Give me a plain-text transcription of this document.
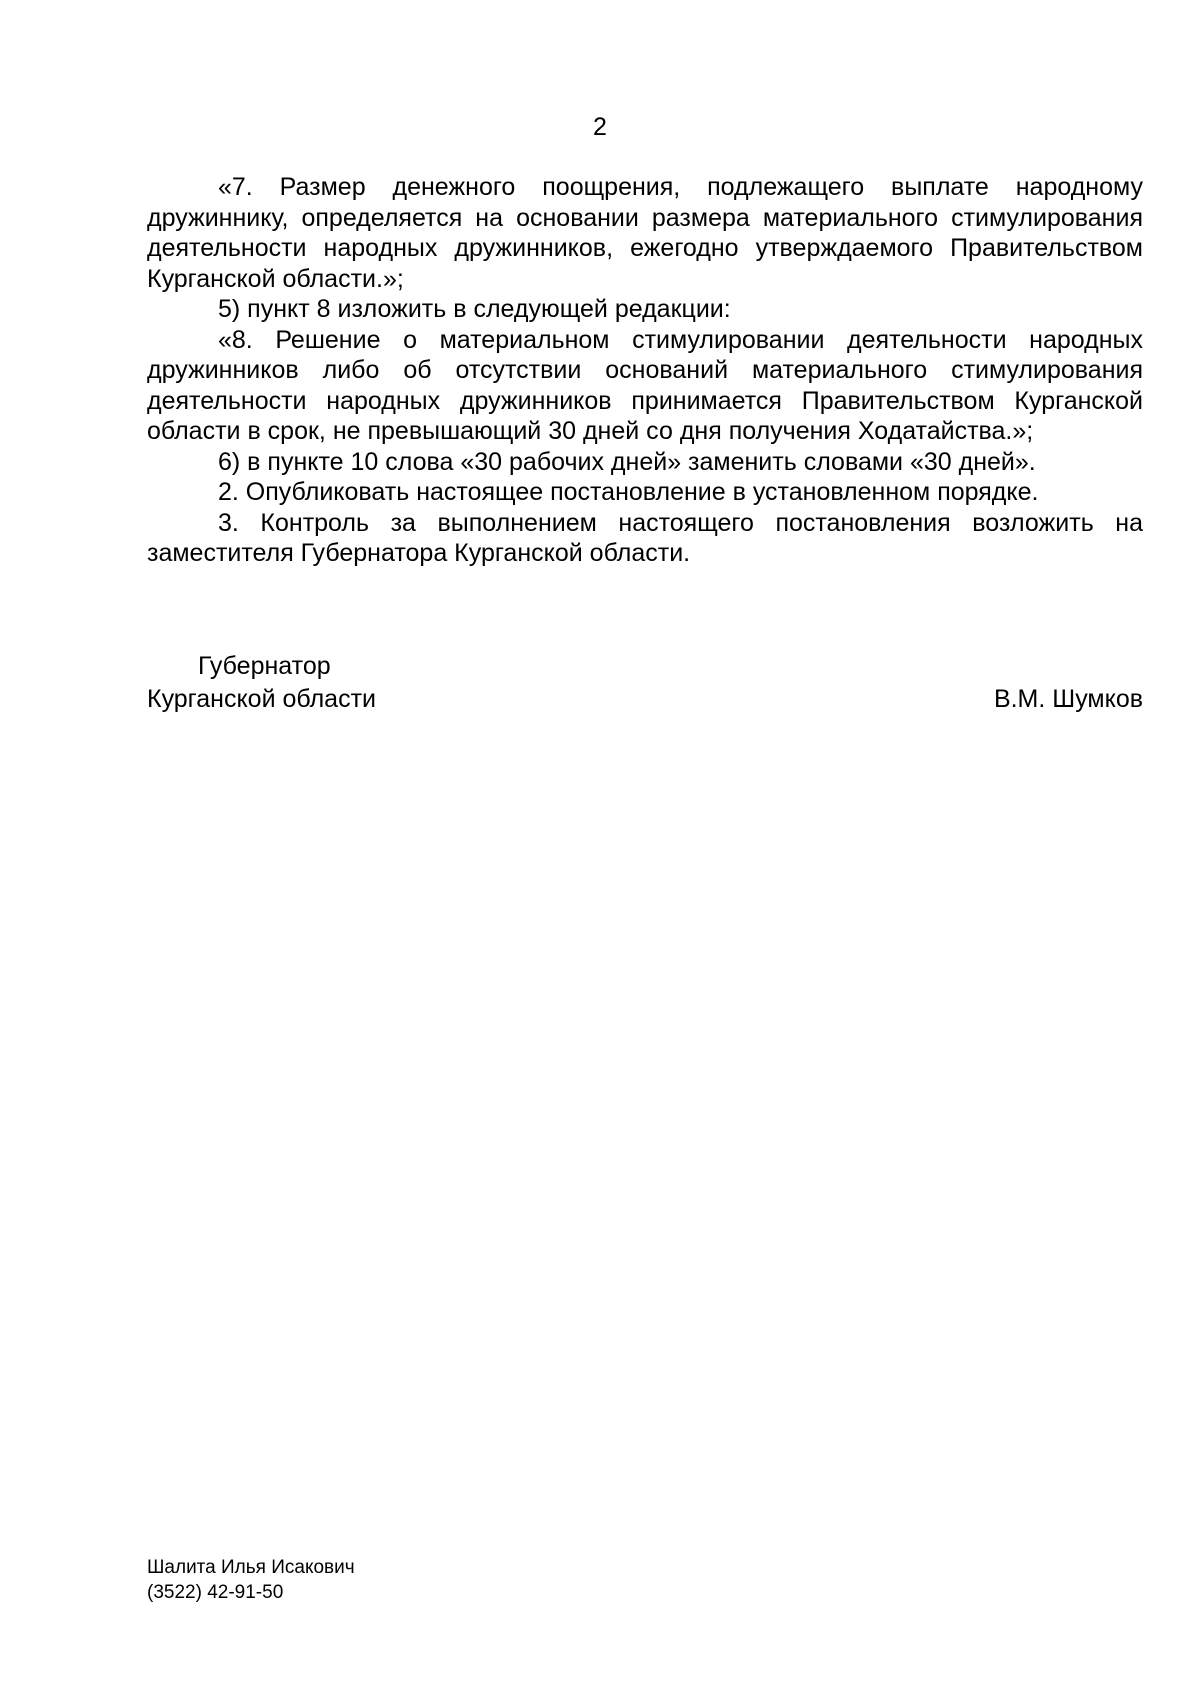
2

«7. Размер денежного поощрения, подлежащего выплате народному дружиннику, определяется на основании размера материального стимулирования деятельности народных дружинников, ежегодно утверждаемого Правительством Курганской области.»;

5) пункт 8 изложить в следующей редакции:

«8. Решение о материальном стимулировании деятельности народных дружинников либо об отсутствии оснований материального стимулирования деятельности народных дружинников принимается Правительством Курганской области в срок, не превышающий 30 дней со дня получения Ходатайства.»;

6) в пункте 10 слова «30 рабочих дней» заменить словами «30 дней».

2. Опубликовать настоящее постановление в установленном порядке.

3. Контроль за выполнением настоящего постановления возложить на заместителя Губернатора Курганской области.

Губернатор
Курганской области	В.М. Шумков
Шалита Илья Исакович
(3522) 42-91-50
